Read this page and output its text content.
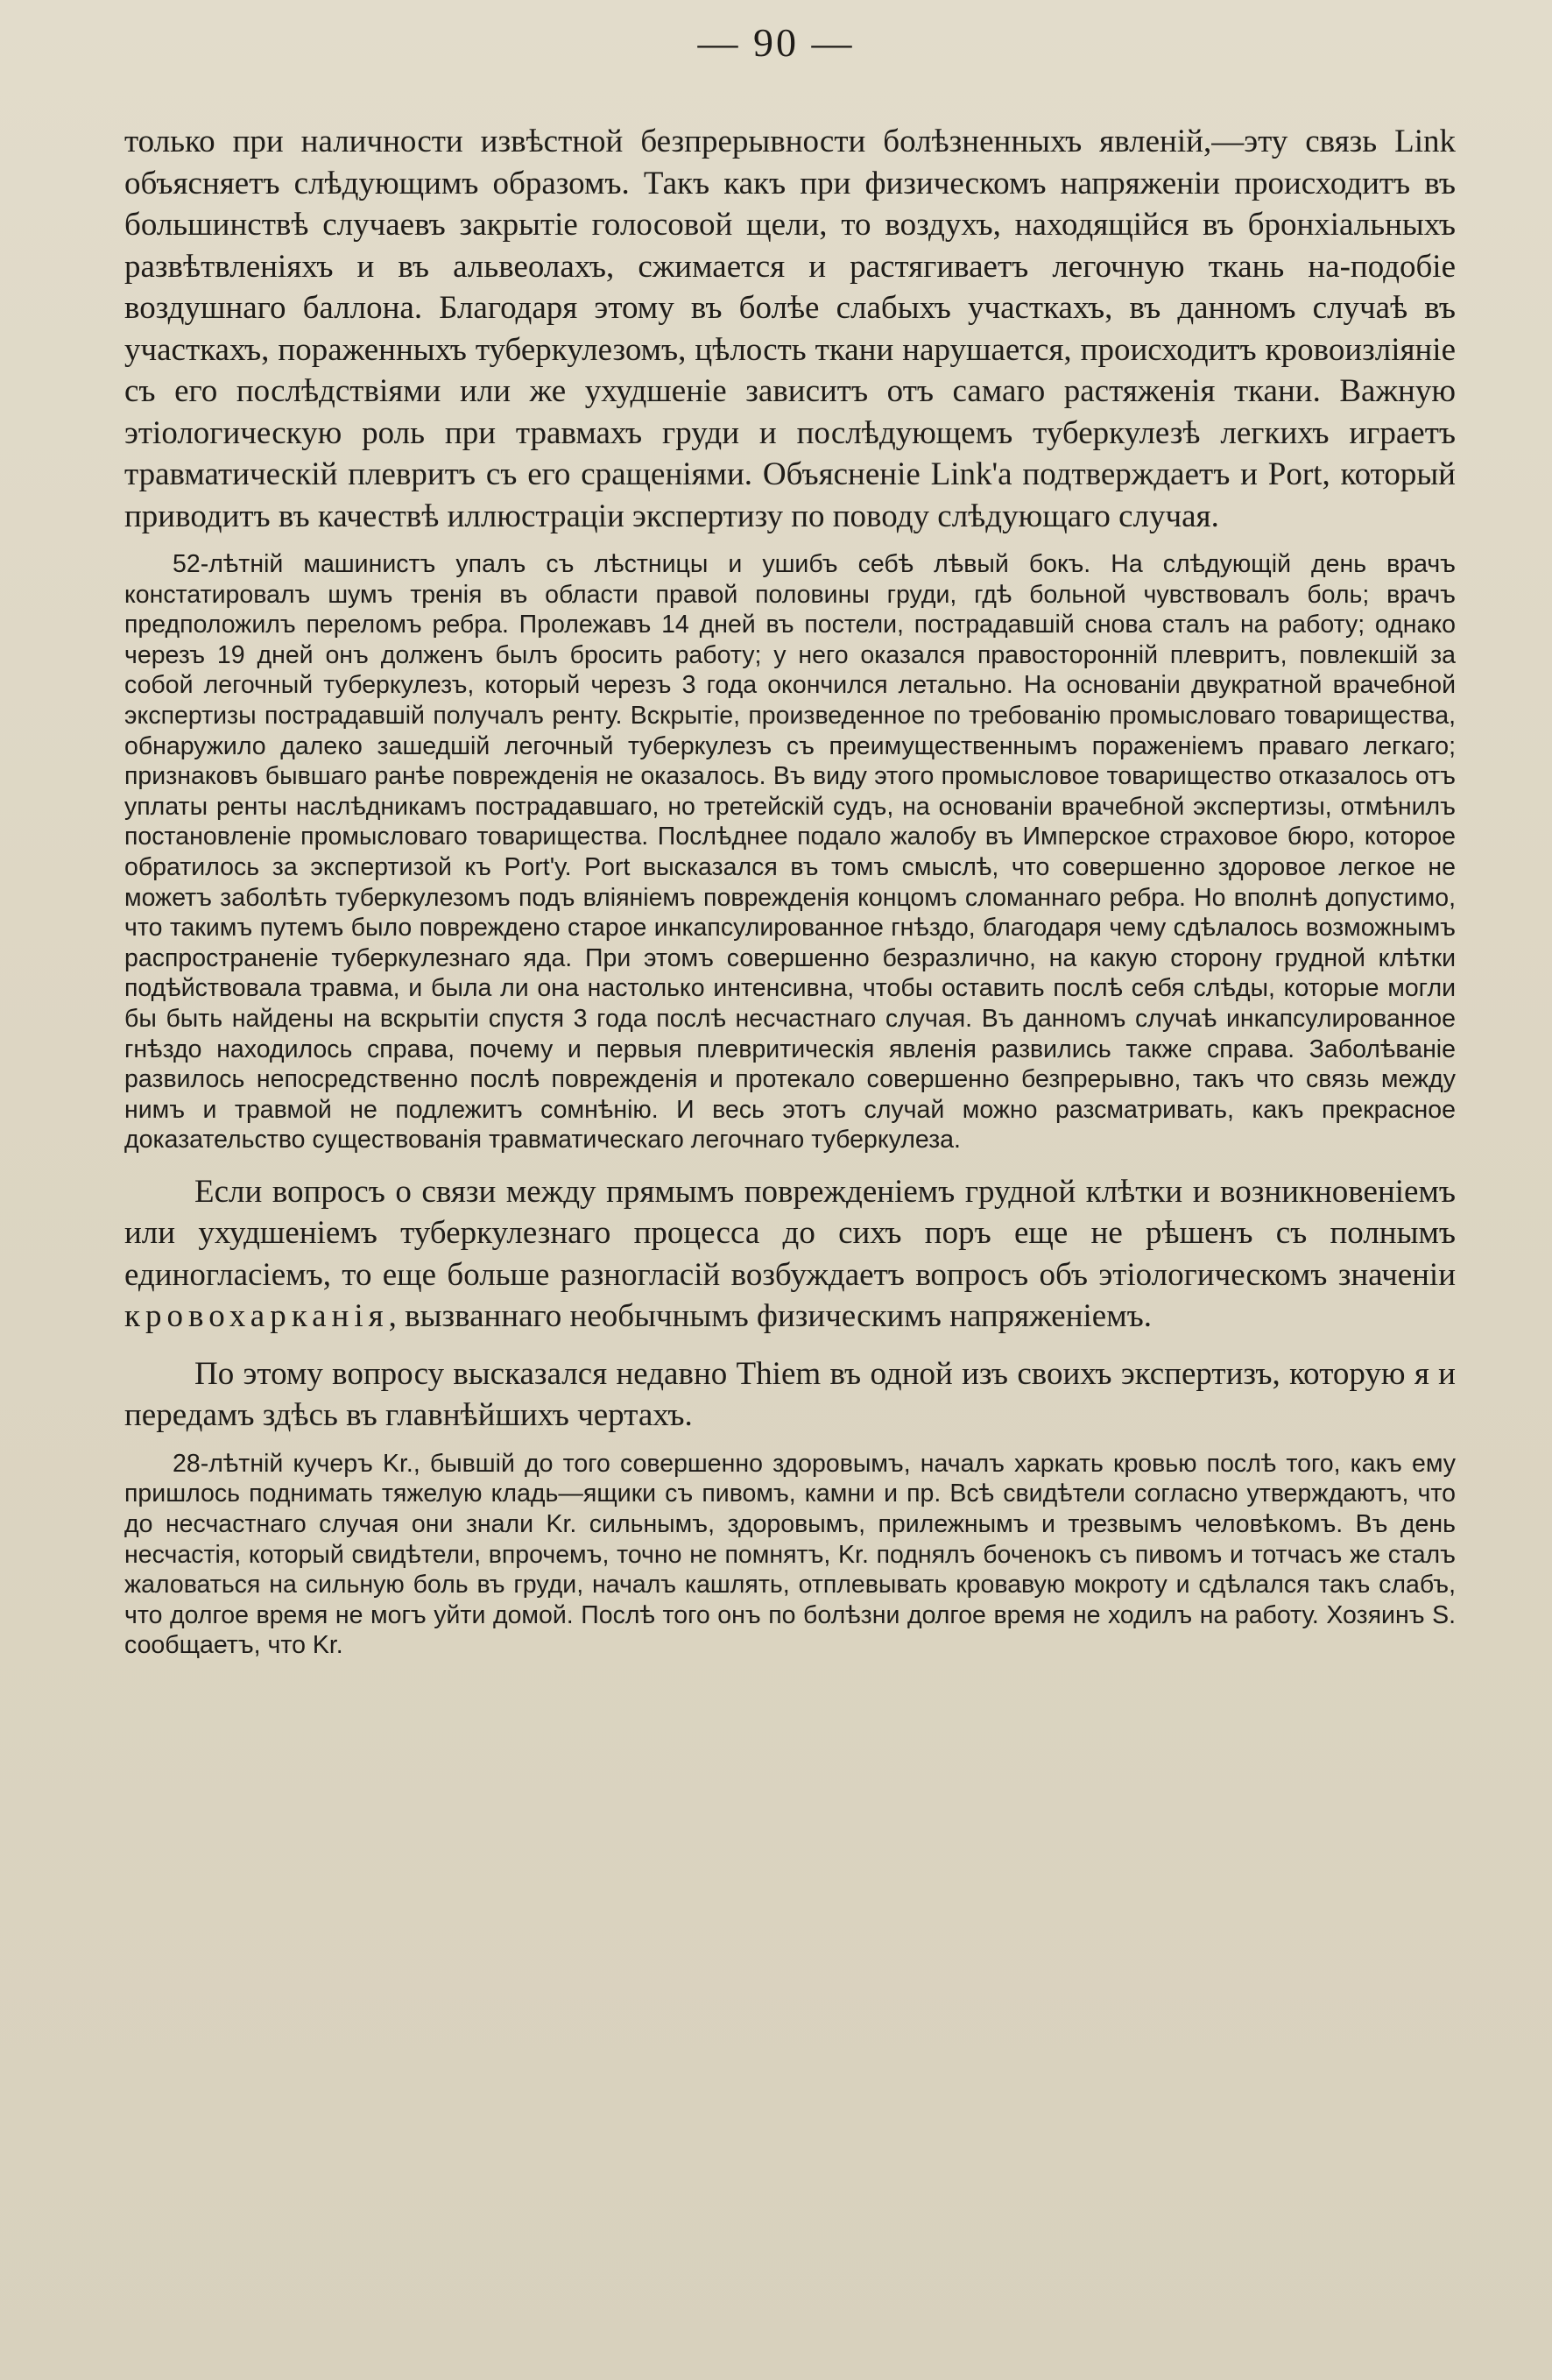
— 90 —

только при наличности извѣстной безпрерывности болѣзненныхъ явленій,—эту связь Link объясняетъ слѣдующимъ образомъ. Такъ какъ при физическомъ напряженіи происходитъ въ большинствѣ случаевъ закрытіе голосовой щели, то воздухъ, находящійся въ бронхіальныхъ развѣтвленіяхъ и въ альвеолахъ, сжимается и растягиваетъ легочную ткань на-подобіе воздушнаго баллона. Благодаря этому въ болѣе слабыхъ участкахъ, въ данномъ случаѣ въ участкахъ, пораженныхъ туберкулезомъ, цѣлость ткани нарушается, происходитъ кровоизліяніе съ его послѣдствіями или же ухудшеніе зависитъ отъ самаго растяженія ткани. Важную этіологическую роль при травмахъ груди и послѣдующемъ туберкулезѣ легкихъ играетъ травматическій плевритъ съ его сращеніями. Объясненіе Link'a подтверждаетъ и Port, который приводитъ въ качествѣ иллюстраціи экспертизу по поводу слѣдующаго случая.

52-лѣтній машинистъ упалъ съ лѣстницы и ушибъ себѣ лѣвый бокъ. На слѣдующій день врачъ констатировалъ шумъ тренія въ области правой половины груди, гдѣ больной чувствовалъ боль; врачъ предположилъ переломъ ребра. Пролежавъ 14 дней въ постели, пострадавшій снова сталъ на работу; однако черезъ 19 дней онъ долженъ былъ бросить работу; у него оказался правосторонній плевритъ, повлекшій за собой легочный туберкулезъ, который черезъ 3 года окончился летально. На основаніи двукратной врачебной экспертизы пострадавшій получалъ ренту. Вскрытіе, произведенное по требованію промысловаго товарищества, обнаружило далеко зашедшій легочный туберкулезъ съ преимущественнымъ пораженіемъ праваго легкаго; признаковъ бывшаго ранѣе поврежденія не оказалось. Въ виду этого промысловое товарищество отказалось отъ уплаты ренты наслѣдникамъ пострадавшаго, но третейскій судъ, на основаніи врачебной экспертизы, отмѣнилъ постановленіе промысловаго товарищества. Послѣднее подало жалобу въ Имперское страховое бюро, которое обратилось за экспертизой къ Port'у. Port высказался въ томъ смыслѣ, что совершенно здоровое легкое не можетъ заболѣть туберкулезомъ подъ вліяніемъ поврежденія концомъ сломаннаго ребра. Но вполнѣ допустимо, что такимъ путемъ было повреждено старое инкапсулированное гнѣздо, благодаря чему сдѣлалось возможнымъ распространеніе туберкулезнаго яда. При этомъ совершенно безразлично, на какую сторону грудной клѣтки подѣйствовала травма, и была ли она настолько интенсивна, чтобы оставить послѣ себя слѣды, которые могли бы быть найдены на вскрытіи спустя 3 года послѣ несчастнаго случая. Въ данномъ случаѣ инкапсулированное гнѣздо находилось справа, почему и первыя плевритическія явленія развились также справа. Заболѣваніе развилось непосредственно послѣ поврежденія и протекало совершенно безпрерывно, такъ что связь между нимъ и травмой не подлежитъ сомнѣнію. И весь этотъ случай можно разсматривать, какъ прекрасное доказательство существованія травматическаго легочнаго туберкулеза.

Если вопросъ о связи между прямымъ поврежденіемъ грудной клѣтки и возникновеніемъ или ухудшеніемъ туберкулезнаго процесса до сихъ поръ еще не рѣшенъ съ полнымъ единогласіемъ, то еще больше разногласій возбуждаетъ вопросъ объ этіологическомъ значеніи кровохарканія, вызваннаго необычнымъ физическимъ напряженіемъ.

По этому вопросу высказался недавно Thiem въ одной изъ своихъ экспертизъ, которую я и передамъ здѣсь въ главнѣйшихъ чертахъ.

28-лѣтній кучеръ Kr., бывшій до того совершенно здоровымъ, началъ харкать кровью послѣ того, какъ ему пришлось поднимать тяжелую кладь—ящики съ пивомъ, камни и пр. Всѣ свидѣтели согласно утверждаютъ, что до несчастнаго случая они знали Kr. сильнымъ, здоровымъ, прилежнымъ и трезвымъ человѣкомъ. Въ день несчастія, который свидѣтели, впрочемъ, точно не помнятъ, Kr. поднялъ боченокъ съ пивомъ и тотчасъ же сталъ жаловаться на сильную боль въ груди, началъ кашлять, отплевывать кровавую мокроту и сдѣлался такъ слабъ, что долгое время не могъ уйти домой. Послѣ того онъ по болѣзни долгое время не ходилъ на работу. Хозяинъ S. сообщаетъ, что Kr.
